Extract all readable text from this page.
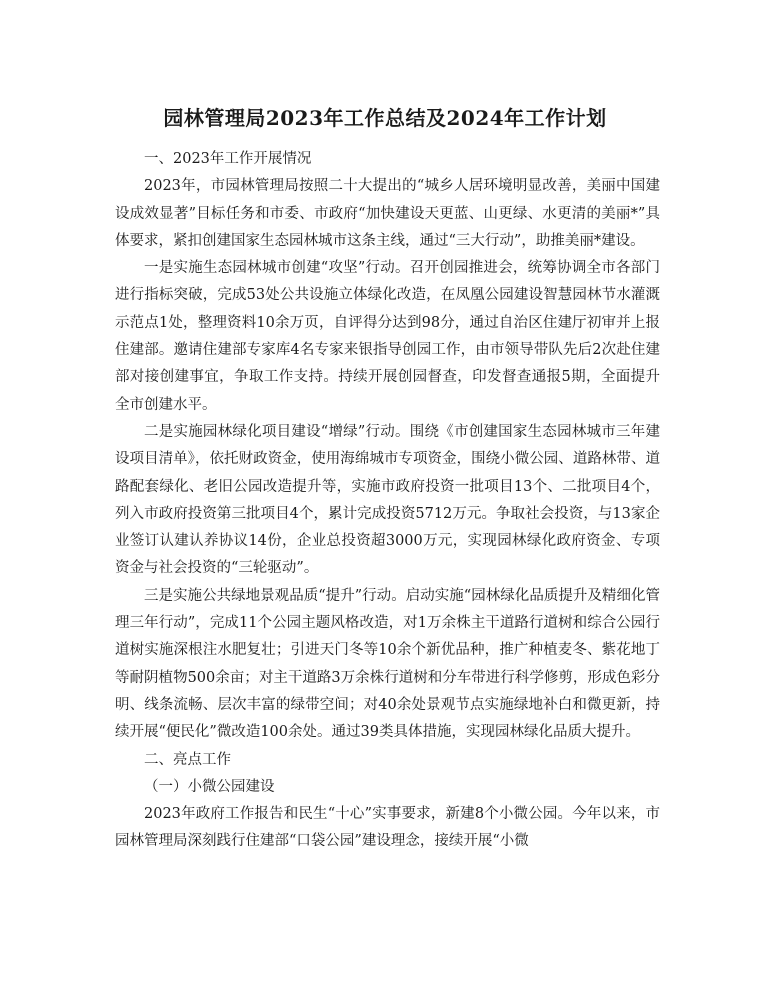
园林管理局2023年工作总结及2024年工作计划

一、2023年工作开展情况

2023年，市园林管理局按照二十大提出的“城乡人居环境明显改善，美丽中国建设成效显著”目标任务和市委、市政府“加快建设天更蓝、山更绿、水更清的美丽*”具体要求，紧扣创建国家生态园林城市这条主线，通过“三大行动”，助推美丽*建设。

一是实施生态园林城市创建“攻坚”行动。召开创园推进会，统筹协调全市各部门进行指标突破，完成53处公共设施立体绿化改造，在凤凰公园建设智慧园林节水灌溉示范点1处，整理资料10余万页，自评得分达到98分，通过自治区住建厅初审并上报住建部。邀请住建部专家库4名专家来银指导创园工作，由市领导带队先后2次赴住建部对接创建事宜，争取工作支持。持续开展创园督查，印发督查通报5期，全面提升全市创建水平。

二是实施园林绿化项目建设“增绿”行动。围绕《市创建国家生态园林城市三年建设项目清单》，依托财政资金，使用海绵城市专项资金，围绕小微公园、道路林带、道路配套绿化、老旧公园改造提升等，实施市政府投资一批项目13个、二批项目4个，列入市政府投资第三批项目4个，累计完成投资5712万元。争取社会投资，与13家企业签订认建认养协议14份，企业总投资超3000万元，实现园林绿化政府资金、专项资金与社会投资的“三轮驱动”。

三是实施公共绿地景观品质“提升”行动。启动实施“园林绿化品质提升及精细化管理三年行动”，完成11个公园主题风格改造，对1万余株主干道路行道树和综合公园行道树实施深根注水肥复壮；引进天门冬等10余个新优品种，推广种植麦冬、紫花地丁等耐阴植物500余亩；对主干道路3万余株行道树和分车带进行科学修剪，形成色彩分明、线条流畅、层次丰富的绿带空间；对40余处景观节点实施绿地补白和微更新，持续开展“便民化”微改造100余处。通过39类具体措施，实现园林绿化品质大提升。

二、亮点工作

（一）小微公园建设

2023年政府工作报告和民生“十心”实事要求，新建8个小微公园。今年以来，市园林管理局深刻践行住建部“口袋公园”建设理念，接续开展“小微
